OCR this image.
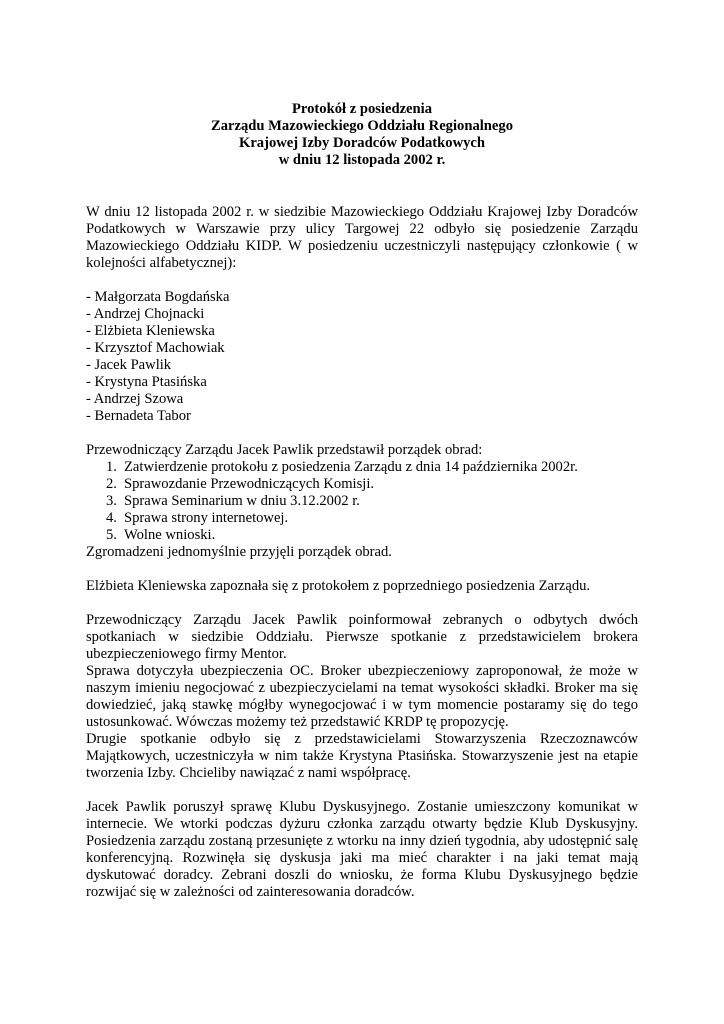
Protokół z posiedzenia
Zarządu Mazowieckiego Oddziału Regionalnego
Krajowej Izby Doradców Podatkowych
w dniu 12 listopada 2002 r.

W dniu 12 listopada 2002 r. w siedzibie Mazowieckiego Oddziału Krajowej Izby Doradców

Podatkowych w Warszawie przy ulicy Targowej 22 odbyło się posiedzenie Zarządu

Mazowieckiego Oddziału KIDP. W posiedzeniu uczestniczyli następujący członkowie ( w

kolejności alfabetycznej):

- Małgorzata Bogdańska
- Andrzej Chojnacki
- Elżbieta Kleniewska
- Krzysztof Machowiak
- Jacek Pawlik
- Krystyna Ptasińska
- Andrzej Szowa
- Bernadeta Tabor

Przewodniczący Zarządu Jacek Pawlik przedstawił porządek obrad:

1. Zatwierdzenie protokołu z posiedzenia Zarządu z dnia 14 października 2002r.
2. Sprawozdanie Przewodniczących Komisji.
3. Sprawa Seminarium w dniu 3.12.2002 r.
4. Sprawa strony internetowej.
5. Wolne wnioski.

Zgromadzeni jednomyślnie przyjęli porządek obrad.

Elżbieta Kleniewska zapoznała się z protokołem z poprzedniego posiedzenia Zarządu.

Przewodniczący Zarządu Jacek Pawlik poinformował zebranych o odbytych dwóch

spotkaniach w siedzibie Oddziału. Pierwsze spotkanie z przedstawicielem brokera

ubezpieczeniowego firmy Mentor.

Sprawa dotyczyła ubezpieczenia OC. Broker ubezpieczeniowy zaproponował, że może w

naszym imieniu negocjować z ubezpieczycielami na temat wysokości składki. Broker ma się

dowiedzieć, jaką stawkę mógłby wynegocjować i w tym momencie postaramy się do tego

ustosunkować. Wówczas możemy też przedstawić KRDP tę propozycję.

Drugie spotkanie odbyło się z przedstawicielami Stowarzyszenia Rzeczoznawców

Majątkowych, uczestniczyła w nim także Krystyna Ptasińska. Stowarzyszenie jest na etapie

tworzenia Izby. Chcieliby nawiązać z nami współpracę.

Jacek Pawlik poruszył sprawę Klubu Dyskusyjnego. Zostanie umieszczony komunikat w

internecie. We wtorki podczas dyżuru członka zarządu otwarty będzie Klub Dyskusyjny.

Posiedzenia zarządu zostaną przesunięte z wtorku na inny dzień tygodnia, aby udostępnić salę

konferencyjną. Rozwinęła się dyskusja jaki ma mieć charakter i na jaki temat mają

dyskutować doradcy. Zebrani doszli do wniosku, że forma Klubu Dyskusyjnego będzie

rozwijać się w zależności od zainteresowania doradców.
